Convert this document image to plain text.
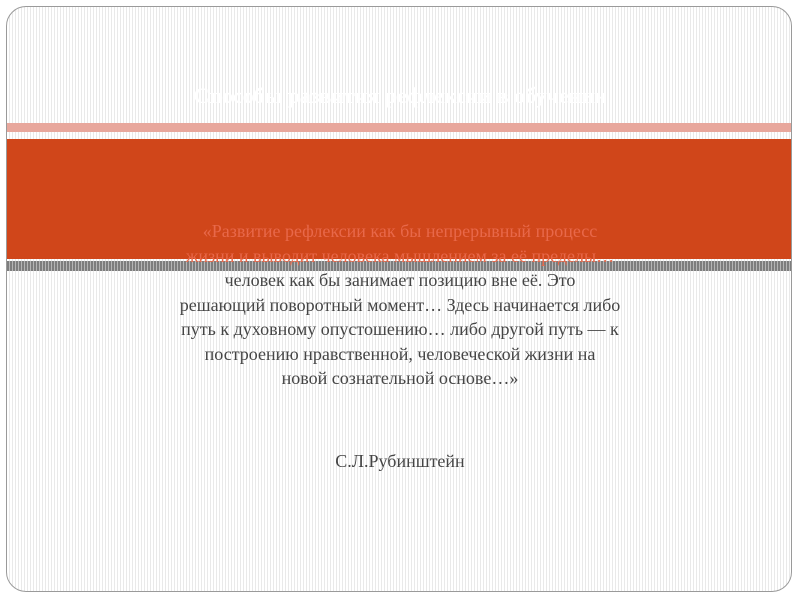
Способы развития рефлексии в обучении
«Развитие рефлексии как бы непрерывный процесс
жизни и выводит человека мышлением за её пределы…
человек как бы занимает позицию вне её. Это
решающий поворотный момент… Здесь начинается либо
путь к духовному опустошению… либо другой путь — к
построению нравственной, человеческой жизни на
новой сознательной основе…»
С.Л.Рубинштейн
